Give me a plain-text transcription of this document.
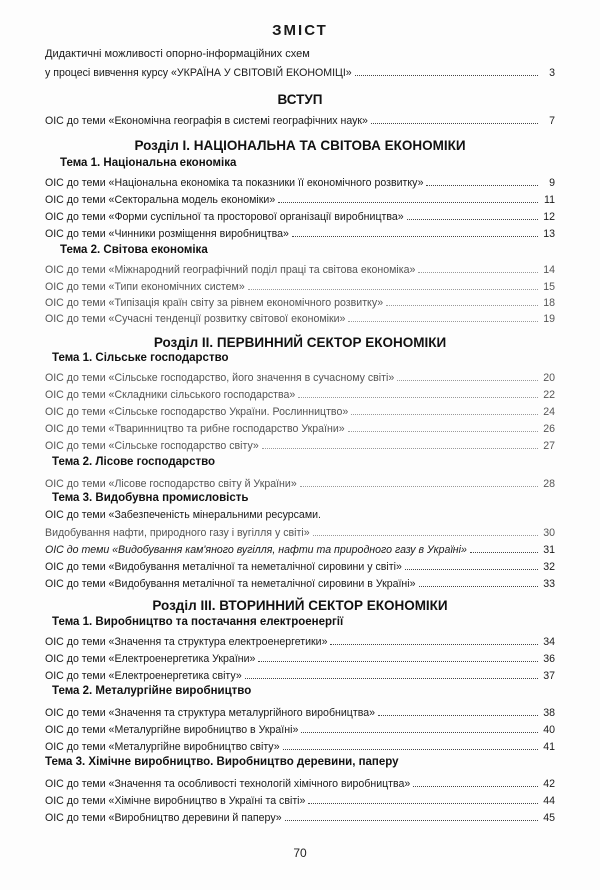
ЗМІСТ
Дидактичні можливості опорно-інформаційних схем
у процесі вивчення курсу «УКРАЇНА У СВІТОВІЙ ЕКОНОМІЦІ»	3
ВСТУП
ОІС до теми «Економічна географія в системі географічних наук»	7
Розділ I. НАЦІОНАЛЬНА ТА СВІТОВА ЕКОНОМІКИ
Тема 1. Національна економіка
ОІС до теми «Національна економіка та показники її економічного розвитку»	9
ОІС до теми «Секторальна модель економіки»	11
ОІС до теми «Форми суспільної та просторової організації виробництва»	12
ОІС до теми «Чинники розміщення виробництва»	13
Тема 2. Світова економіка
ОІС до теми «Міжнародний географічний поділ праці та світова економіка»	14
ОІС до теми «Типи економічних систем»	15
ОІС до теми «Типізація країн світу за рівнем економічного розвитку»	18
ОІС до теми «Сучасні тенденції розвитку світової економіки»	19
Розділ II. ПЕРВИННИЙ СЕКТОР ЕКОНОМІКИ
Тема 1. Сільське господарство
ОІС до теми «Сільське господарство, його значення в сучасному світі»	20
ОІС до теми «Складники сільського господарства»	22
ОІС до теми «Сільське господарство України. Рослинництво»	24
ОІС до теми «Тваринництво та рибне господарство України»	26
ОІС до теми «Сільське господарство світу»	27
Тема 2. Лісове господарство
ОІС до теми «Лісове господарство світу й України»	28
Тема 3. Видобувна промисловість
ОІС до теми «Забезпеченість мінеральними ресурсами.
Видобування нафти, природного газу і вугілля у світі»	30
ОІС до теми «Видобування кам'яного вугілля, нафти та природного газу в Україні»	31
ОІС до теми «Видобування металічної та неметалічної сировини у світі»	32
ОІС до теми «Видобування металічної та неметалічної сировини в Україні»	33
Розділ III. ВТОРИННИЙ СЕКТОР ЕКОНОМІКИ
Тема 1. Виробництво та постачання електроенергії
ОІС до теми «Значення та структура електроенергетики»	34
ОІС до теми «Електроенергетика України»	36
ОІС до теми «Електроенергетика світу»	37
Тема 2. Металургійне виробництво
ОІС до теми «Значення та структура металургійного виробництва»	38
ОІС до теми «Металургійне виробництво в Україні»	40
ОІС до теми «Металургійне виробництво світу»	41
Тема 3. Хімічне виробництво. Виробництво деревини, паперу
ОІС до теми «Значення та особливості технологій хімічного виробництва»	42
ОІС до теми «Хімічне виробництво в Україні та світі»	44
ОІС до теми «Виробництво деревини й паперу»	45
70
